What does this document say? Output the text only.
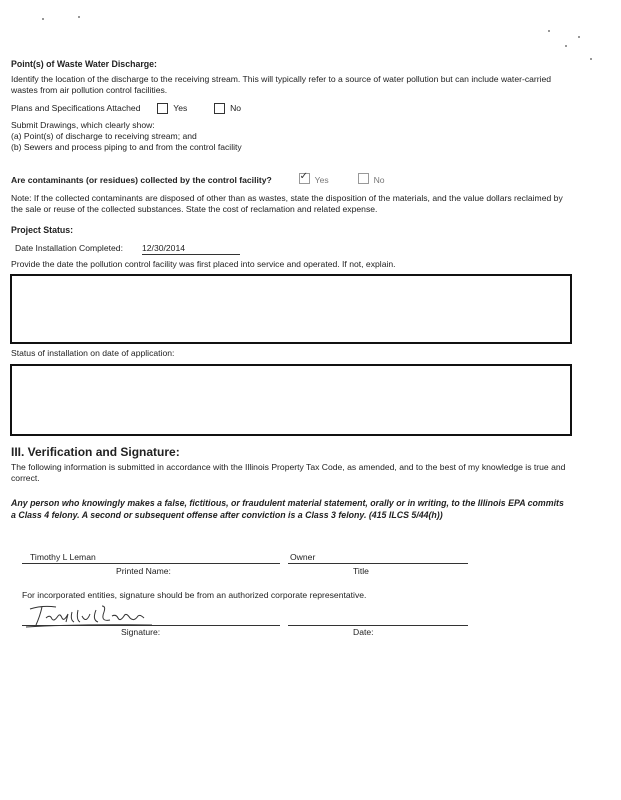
Point(s) of Waste Water Discharge:
Identify the location of the discharge to the receiving stream. This will typically refer to a source of water pollution but can include water-carried wastes from air pollution control facilities.
Plans and Specifications Attached	Yes	No
Submit Drawings, which clearly show:
(a) Point(s) of discharge to receiving stream; and
(b) Sewers and process piping to and from the control facility
Are contaminants (or residues) collected by the control facility? ✓	Yes	No
Note: If the collected contaminants are disposed of other than as wastes, state the disposition of the materials, and the value dollars reclaimed by the sale or reuse of the collected substances. State the cost of reclamation and related expense.
Project Status:
Date Installation Completed: 12/30/2014
Provide the date the pollution control facility was first placed into service and operated. If not, explain.
Status of installation on date of application:
III. Verification and Signature:
The following information is submitted in accordance with the Illinois Property Tax Code, as amended, and to the best of my knowledge is true and correct.
Any person who knowingly makes a false, fictitious, or fraudulent material statement, orally or in writing, to the Illinois EPA commits a Class 4 felony. A second or subsequent offense after conviction is a Class 3 felony. (415 ILCS 5/44(h))
Timothy L Leman
Printed Name:
Owner
Title
For incorporated entities, signature should be from an authorized corporate representative.
Signature:	Date:
